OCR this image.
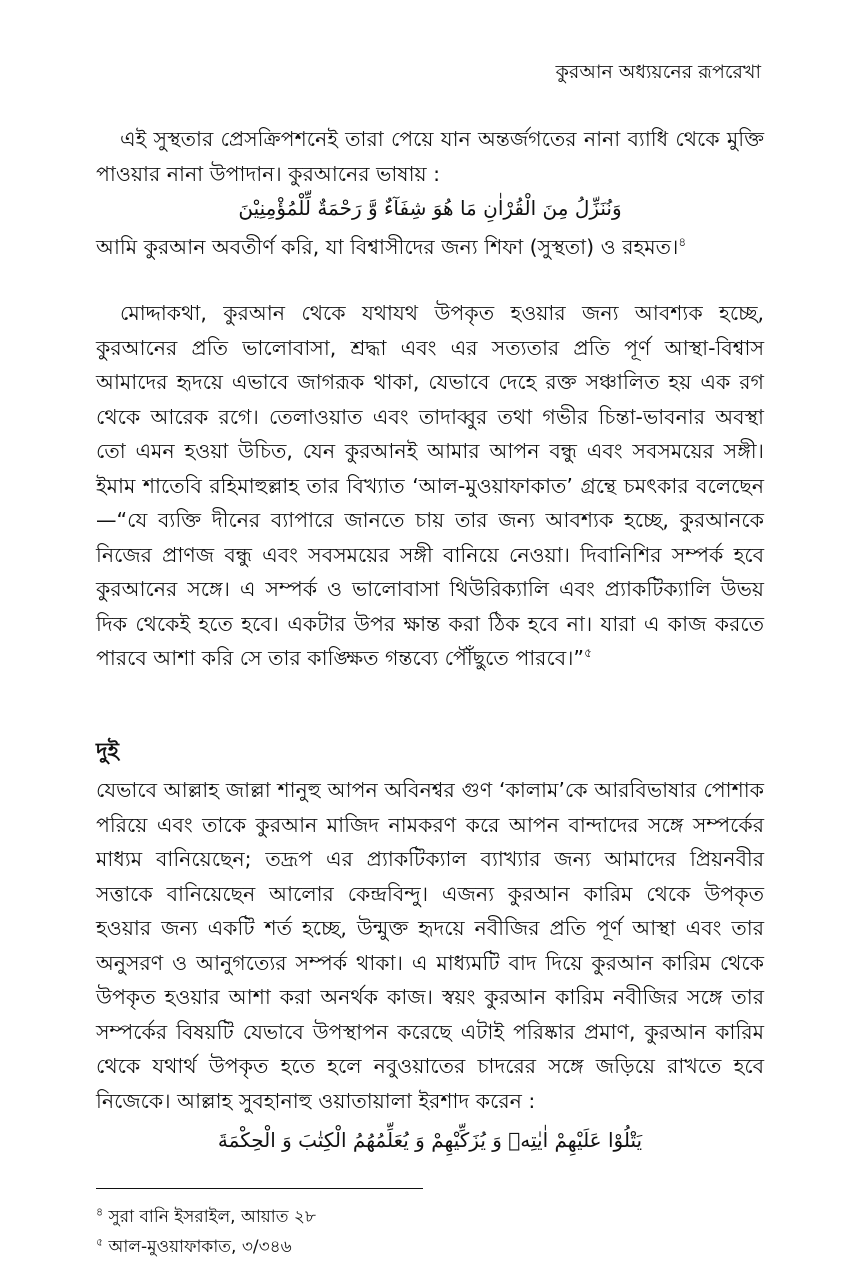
কুরআন অধ্যয়নের রূপরেখা
এই সুস্থতার প্রেসক্রিপশনেই তারা পেয়ে যান অন্তর্জগতের নানা ব্যাধি থেকে মুক্তি পাওয়ার নানা উপাদান। কুরআনের ভাষায় :
وَنُنَزِّلُ مِنَ الْقُرْاٰنِ مَا هُوَ شِفَآءٌ وَّ رَحْمَةٌ لِّلْمُؤْمِنِيْنَ
আমি কুরআন অবতীর্ণ করি, যা বিশ্বাসীদের জন্য শিফা (সুস্থতা) ও রহমত।$^৪$
মোদ্দাকথা, কুরআন থেকে যথাযথ উপকৃত হওয়ার জন্য আবশ্যক হচ্ছে, কুরআনের প্রতি ভালোবাসা, শ্রদ্ধা এবং এর সত্যতার প্রতি পূর্ণ আস্থা-বিশ্বাস আমাদের হৃদয়ে এভাবে জাগরূক থাকা, যেভাবে দেহে রক্ত সঞ্চালিত হয় এক রগ থেকে আরেক রগে। তেলাওয়াত এবং তাদাব্বুর তথা গভীর চিন্তা-ভাবনার অবস্থা তো এমন হওয়া উচিত, যেন কুরআনই আমার আপন বন্ধু এবং সবসময়ের সঙ্গী। ইমাম শাতেবি রহিমাহুল্লাহ তার বিখ্যাত ‘আল-মুওয়াফাকাত’ গ্রন্থে চমৎকার বলেছেন—“যে ব্যক্তি দীনের ব্যাপারে জানতে চায় তার জন্য আবশ্যক হচ্ছে, কুরআনকে নিজের প্রাণজ বন্ধু এবং সবসময়ের সঙ্গী বানিয়ে নেওয়া। দিবানিশির সম্পর্ক হবে কুরআনের সঙ্গে। এ সম্পর্ক ও ভালোবাসা থিউরিক্যালি এবং প্র্যাকটিক্যালি উভয় দিক থেকেই হতে হবে। একটার উপর ক্ষান্ত করা ঠিক হবে না। যারা এ কাজ করতে পারবে আশা করি সে তার কাঙ্ক্ষিত গন্তব্যে পৌঁছুতে পারবে।”$^৫$
দুই
যেভাবে আল্লাহ জাল্লা শানুহু আপন অবিনশ্বর গুণ ‘কালাম’কে আরবিভাষার পোশাক পরিয়ে এবং তাকে কুরআন মাজিদ নামকরণ করে আপন বান্দাদের সঙ্গে সম্পর্কের মাধ্যম বানিয়েছেন; তদ্রূপ এর প্র্যাকটিক্যাল ব্যাখ্যার জন্য আমাদের প্রিয়নবীর সত্তাকে বানিয়েছেন আলোর কেন্দ্রবিন্দু। এজন্য কুরআন কারিম থেকে উপকৃত হওয়ার জন্য একটি শর্ত হচ্ছে, উন্মুক্ত হৃদয়ে নবীজির প্রতি পূর্ণ আস্থা এবং তার অনুসরণ ও আনুগত্যের সম্পর্ক থাকা। এ মাধ্যমটি বাদ দিয়ে কুরআন কারিম থেকে উপকৃত হওয়ার আশা করা অনর্থক কাজ। স্বয়ং কুরআন কারিম নবীজির সঙ্গে তার সম্পর্কের বিষয়টি যেভাবে উপস্থাপন করেছে এটাই পরিষ্কার প্রমাণ, কুরআন কারিম থেকে যথার্থ উপকৃত হতে হলে নবুওয়াতের চাদরের সঙ্গে জড়িয়ে রাখতে হবে নিজেকে। আল্লাহ সুবহানাহু ওয়াতায়ালা ইরশাদ করেন :
يَتْلُوْا عَلَيْهِمْ اٰيٰتِهٖ وَ يُزَكِّيْهِمْ وَ يُعَلِّمُهُمُ الْكِتٰبَ وَ الْحِكْمَةَ
$^৪$ সুরা বানি ইসরাইল, আয়াত ২৮
$^৫$ আল-মুওয়াফাকাত, ৩/৩৪৬
